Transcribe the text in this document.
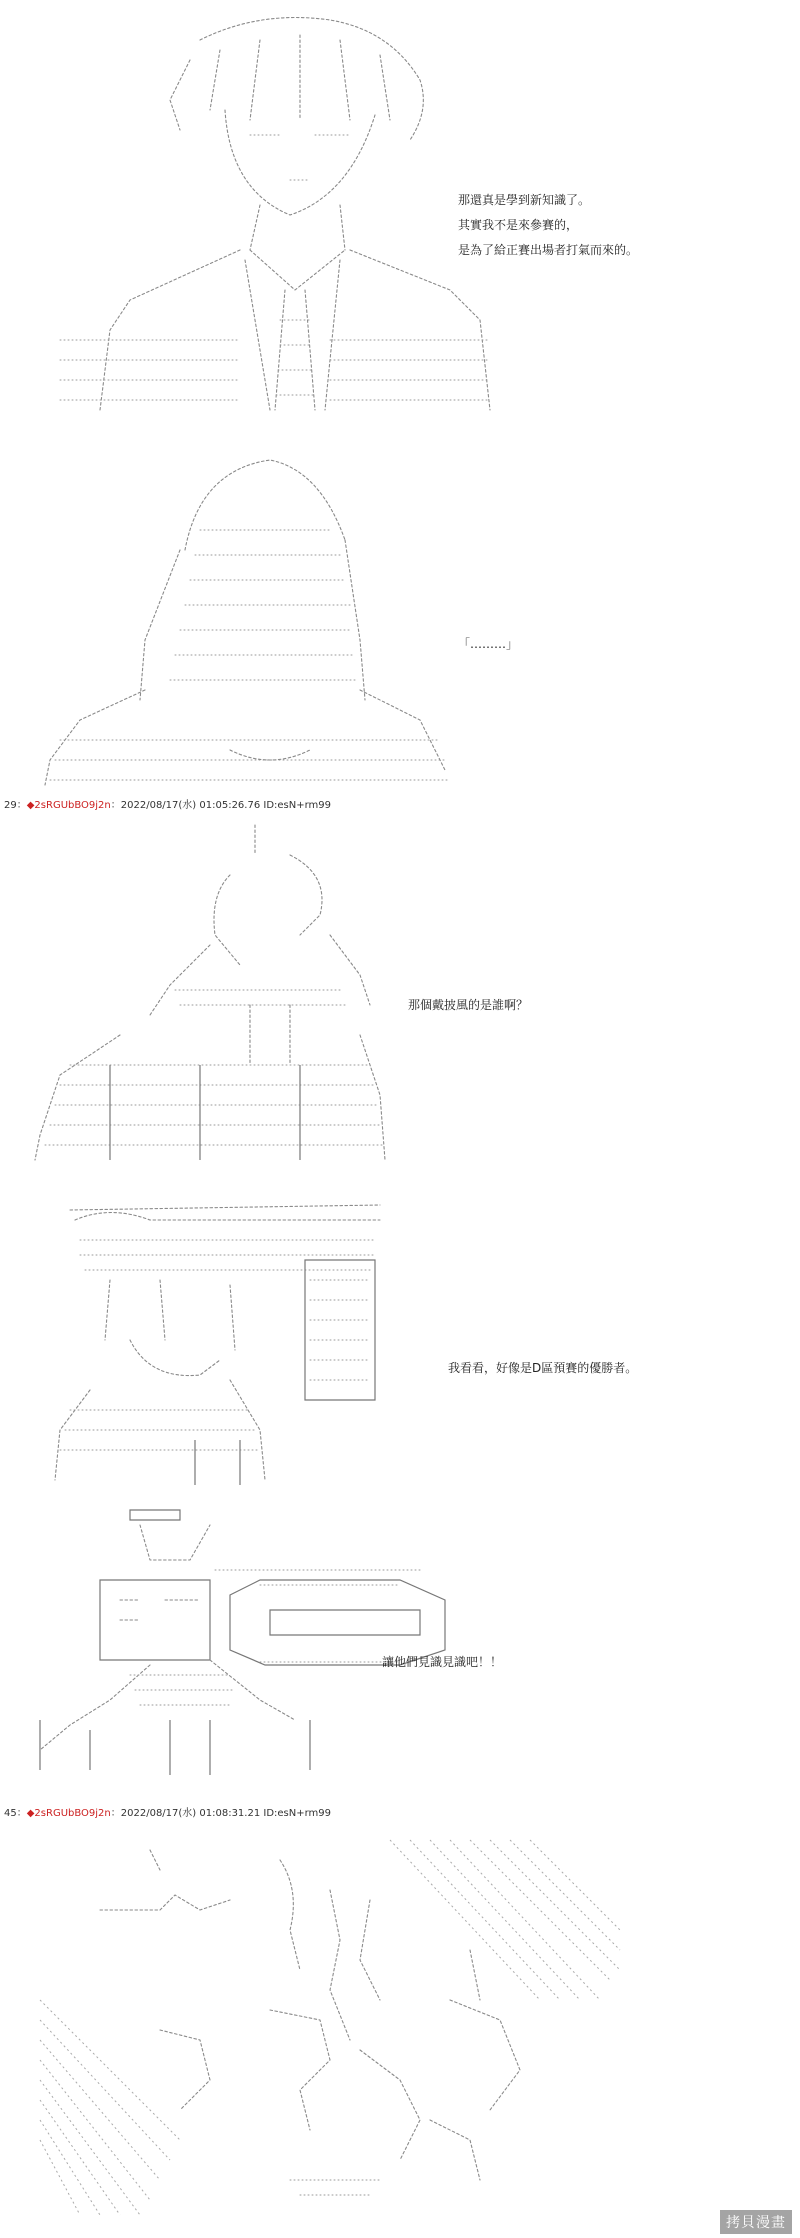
那還真是學到新知識了。
其實我不是來參賽的，
是為了給正賽出場者打氣而來的。
「………」
29：◆2sRGUbBO9j2n：2022/08/17(水) 01:05:26.76 ID:esN+rm99
那個戴披風的是誰啊？
我看看，好像是D區預賽的優勝者。
讓他們見識見識吧！！
45：◆2sRGUbBO9j2n：2022/08/17(水) 01:08:31.21 ID:esN+rm99
拷貝漫畫
